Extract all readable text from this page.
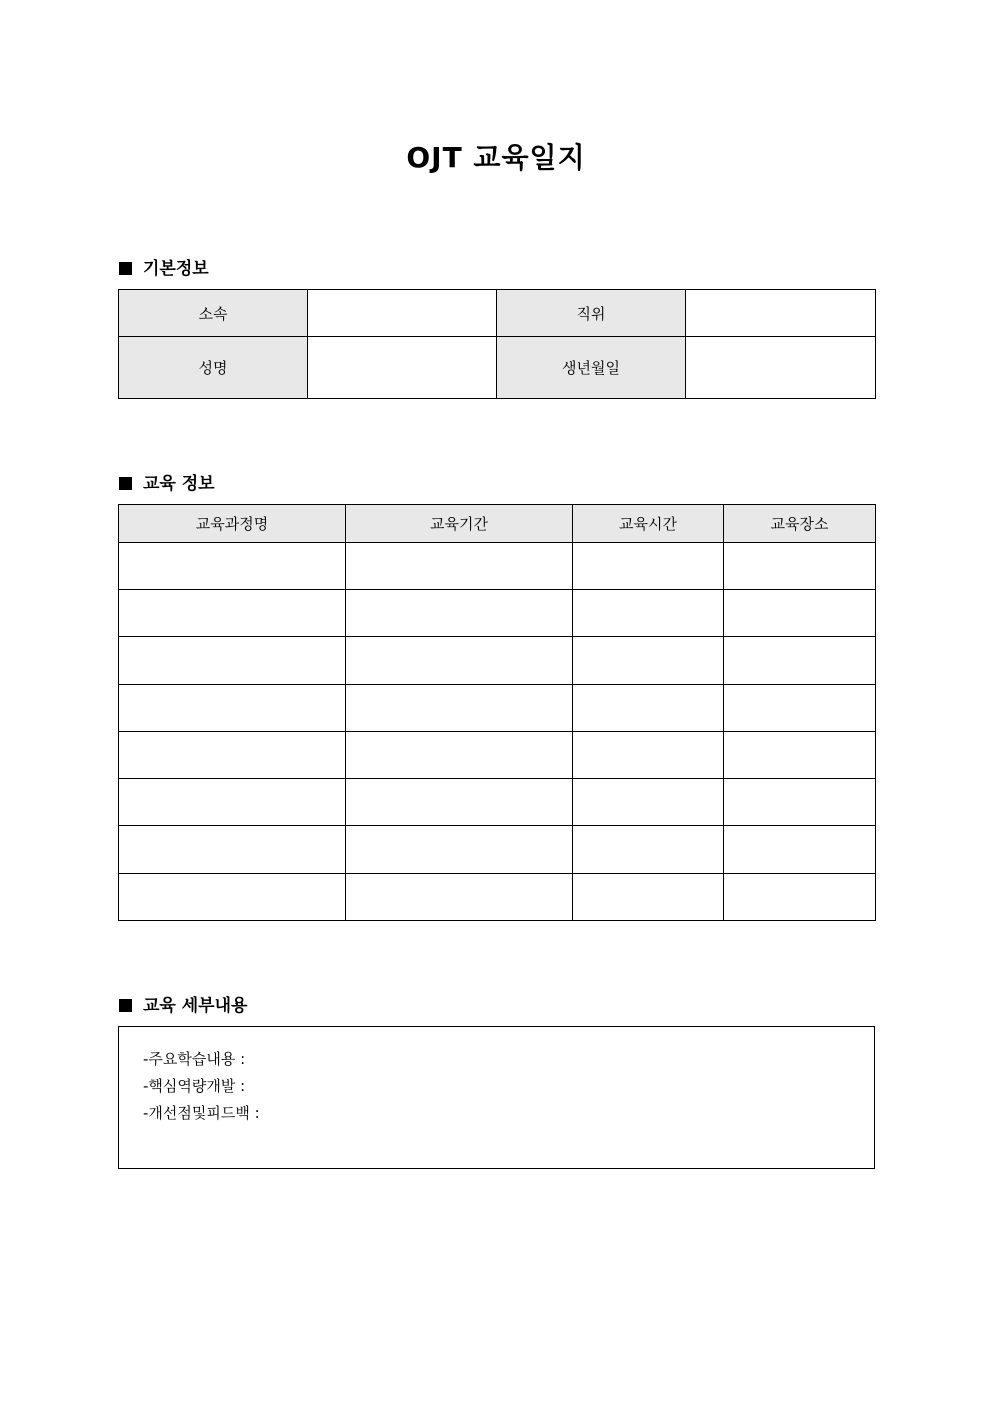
OJT 교육일지
기본정보
소속		직위	
성명		생년월일	
교육 정보
교육과정명	교육기간	교육시간	교육장소

교육 세부내용
-주요학습내용 :
-핵심역량개발 :
-개선점및피드백 :
